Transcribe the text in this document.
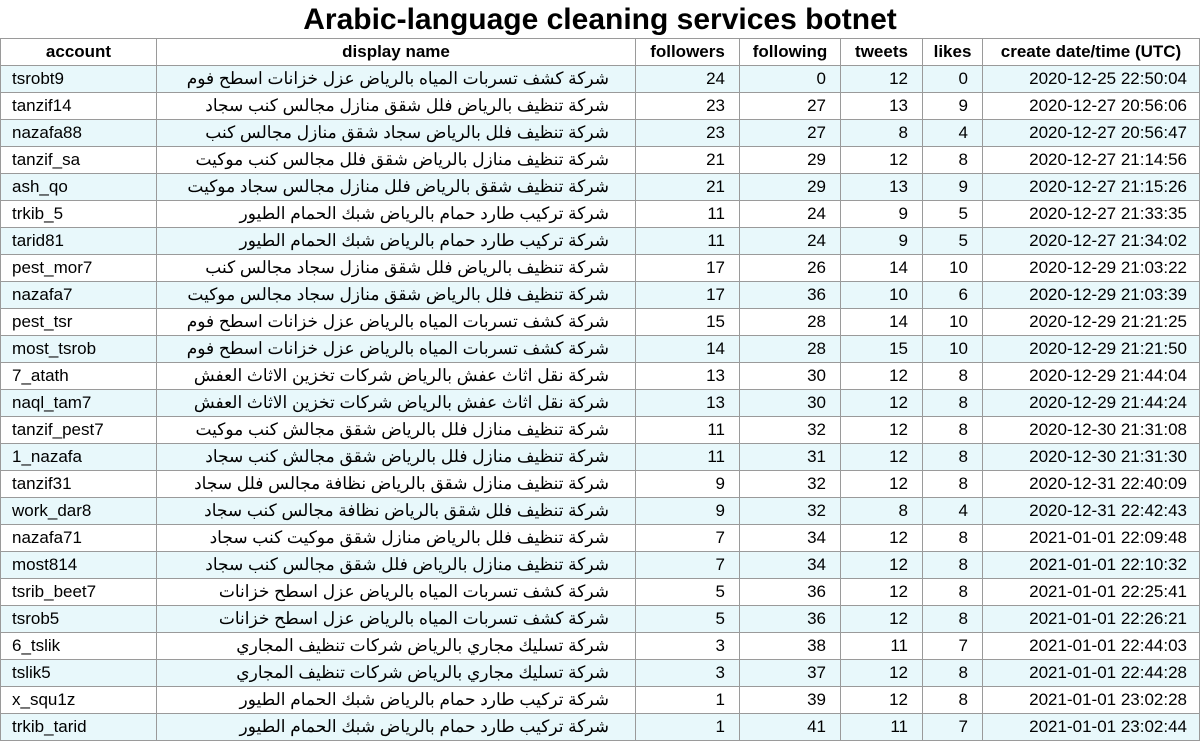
Arabic-language cleaning services botnet
account	display name	followers	following	tweets	likes	create date/time (UTC)
tsrobt9	شركة كشف تسربات المياه بالرياض عزل خزانات اسطح فوم	24	0	12	0	2020-12-25 22:50:04
tanzif14	شركة تنظيف بالرياض فلل شقق منازل مجالس كنب سجاد	23	27	13	9	2020-12-27 20:56:06
nazafa88	شركة تنظيف فلل بالرياض سجاد شقق منازل مجالس كنب	23	27	8	4	2020-12-27 20:56:47
tanzif_sa	شركة تنظيف منازل بالرياض شقق فلل مجالس كنب موكيت	21	29	12	8	2020-12-27 21:14:56
ash_qo	شركة تنظيف شقق بالرياض فلل منازل مجالس سجاد موكيت	21	29	13	9	2020-12-27 21:15:26
trkib_5	شركة تركيب طارد حمام بالرياض شبك الحمام الطيور	11	24	9	5	2020-12-27 21:33:35
tarid81	شركة تركيب طارد حمام بالرياض شبك الحمام الطيور	11	24	9	5	2020-12-27 21:34:02
pest_mor7	شركة تنظيف بالرياض فلل شقق منازل سجاد مجالس كنب	17	26	14	10	2020-12-29 21:03:22
nazafa7	شركة تنظيف فلل بالرياض شقق منازل سجاد مجالس موكيت	17	36	10	6	2020-12-29 21:03:39
pest_tsr	شركة كشف تسربات المياه بالرياض عزل خزانات اسطح فوم	15	28	14	10	2020-12-29 21:21:25
most_tsrob	شركة كشف تسربات المياه بالرياض عزل خزانات اسطح فوم	14	28	15	10	2020-12-29 21:21:50
7_atath	شركة نقل اثاث عفش بالرياض شركات تخزين الاثاث العفش	13	30	12	8	2020-12-29 21:44:04
naql_tam7	شركة نقل اثاث عفش بالرياض شركات تخزين الاثاث العفش	13	30	12	8	2020-12-29 21:44:24
tanzif_pest7	شركة تنظيف منازل فلل بالرياض شقق مجالش كنب موكيت	11	32	12	8	2020-12-30 21:31:08
1_nazafa	شركة تنظيف منازل فلل بالرياض شقق مجالش كنب سجاد	11	31	12	8	2020-12-30 21:31:30
tanzif31	شركة تنظيف منازل شقق بالرياض نظافة مجالس فلل سجاد	9	32	12	8	2020-12-31 22:40:09
work_dar8	شركة تنظيف فلل شقق بالرياض نظافة مجالس كنب سجاد	9	32	8	4	2020-12-31 22:42:43
nazafa71	شركة تنظيف فلل بالرياض منازل شقق موكيت كنب سجاد	7	34	12	8	2021-01-01 22:09:48
most814	شركة تنظيف منازل بالرياض فلل شقق مجالس كنب سجاد	7	34	12	8	2021-01-01 22:10:32
tsrib_beet7	شركة كشف تسربات المياه بالرياض عزل اسطح خزانات	5	36	12	8	2021-01-01 22:25:41
tsrob5	شركة كشف تسربات المياه بالرياض عزل اسطح خزانات	5	36	12	8	2021-01-01 22:26:21
6_tslik	شركة تسليك مجاري بالرياض شركات تنظيف المجاري	3	38	11	7	2021-01-01 22:44:03
tslik5	شركة تسليك مجاري بالرياض شركات تنظيف المجاري	3	37	12	8	2021-01-01 22:44:28
x_squ1z	شركة تركيب طارد حمام بالرياض شبك الحمام الطيور	1	39	12	8	2021-01-01 23:02:28
trkib_tarid	شركة تركيب طارد حمام بالرياض شبك الحمام الطيور	1	41	11	7	2021-01-01 23:02:44
